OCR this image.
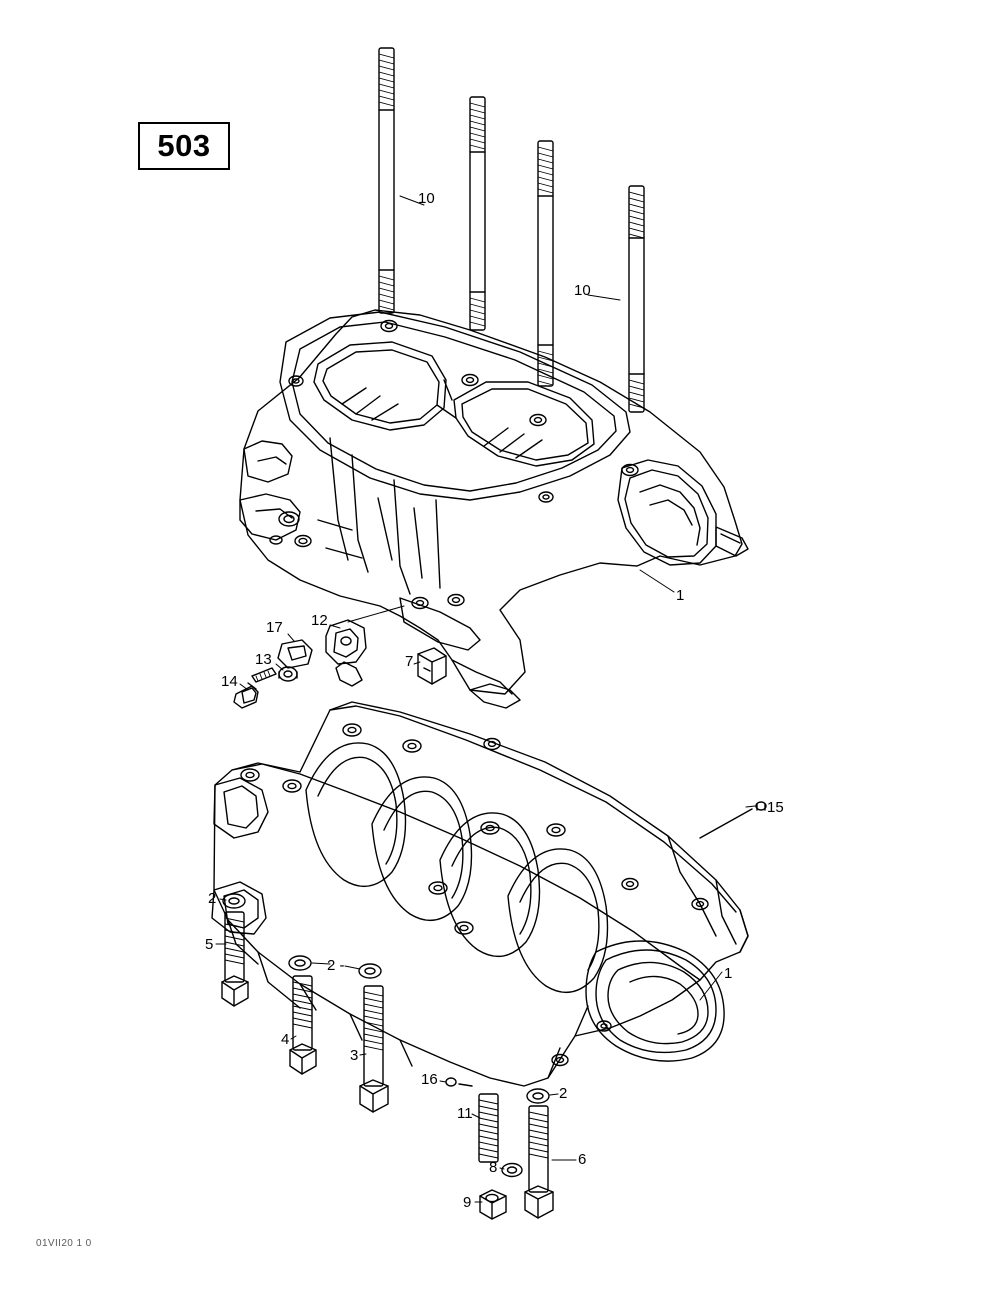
503
10
10
1
17 12
13
14
7
15
1
2
5
2 -
4
3
16
11
2
8	6
9
01VII20 1 0
